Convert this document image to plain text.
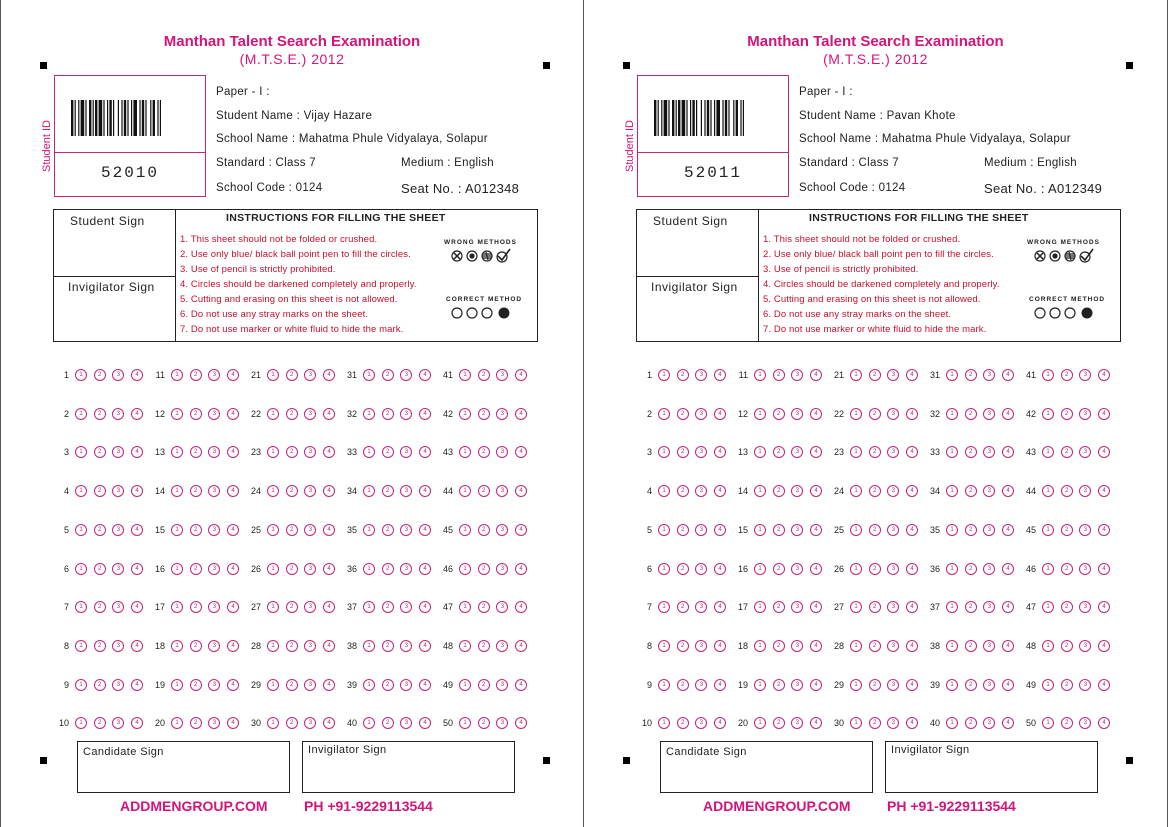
Manthan Talent Search Examination
(M.T.S.E.) 2012
Student ID
52010
Paper - I :
Student Name : Vijay Hazare
School Name : Mahatma Phule Vidyalaya, Solapur
Standard : Class 7	Medium : English
School Code : 0124	Seat No. : A012348
Student Sign
Invigilator Sign
INSTRUCTIONS FOR FILLING THE SHEET
1. This sheet should not be folded or crushed.
2. Use only blue/ black ball point pen to fill the circles.
3. Use of pencil is strictly prohibited.
4. Circles should be darkened completely and properly.
5. Cutting and erasing on this sheet is not allowed.
6. Do not use any stray marks on the sheet.
7. Do not use marker or white fluid to hide the mark.
WRONG METHODS
CORRECT METHOD
1	1	2	3	4
2	1	2	3	4
3	1	2	3	4
4	1	2	3	4
5	1	2	3	4
6	1	2	3	4
7	1	2	3	4
8	1	2	3	4
9	1	2	3	4
10	1	2	3	4
11	1	2	3	4
12	1	2	3	4
13	1	2	3	4
14	1	2	3	4
15	1	2	3	4
16	1	2	3	4
17	1	2	3	4
18	1	2	3	4
19	1	2	3	4
20	1	2	3	4
21	1	2	3	4
22	1	2	3	4
23	1	2	3	4
24	1	2	3	4
25	1	2	3	4
26	1	2	3	4
27	1	2	3	4
28	1	2	3	4
29	1	2	3	4
30	1	2	3	4
31	1	2	3	4
32	1	2	3	4
33	1	2	3	4
34	1	2	3	4
35	1	2	3	4
36	1	2	3	4
37	1	2	3	4
38	1	2	3	4
39	1	2	3	4
40	1	2	3	4
41	1	2	3	4
42	1	2	3	4
43	1	2	3	4
44	1	2	3	4
45	1	2	3	4
46	1	2	3	4
47	1	2	3	4
48	1	2	3	4
49	1	2	3	4
50	1	2	3	4
Candidate Sign	Invigilator Sign
ADDMENGROUP.COM	PH +91-9229113544
Manthan Talent Search Examination
(M.T.S.E.) 2012
Student ID
52011
Paper - I :
Student Name : Pavan Khote
School Name : Mahatma Phule Vidyalaya, Solapur
Standard : Class 7	Medium : English
School Code : 0124	Seat No. : A012349
Student Sign
Invigilator Sign
INSTRUCTIONS FOR FILLING THE SHEET
1. This sheet should not be folded or crushed.
2. Use only blue/ black ball point pen to fill the circles.
3. Use of pencil is strictly prohibited.
4. Circles should be darkened completely and properly.
5. Cutting and erasing on this sheet is not allowed.
6. Do not use any stray marks on the sheet.
7. Do not use marker or white fluid to hide the mark.
WRONG METHODS
CORRECT METHOD
1	1	2	3	4
2	1	2	3	4
3	1	2	3	4
4	1	2	3	4
5	1	2	3	4
6	1	2	3	4
7	1	2	3	4
8	1	2	3	4
9	1	2	3	4
10	1	2	3	4
11	1	2	3	4
12	1	2	3	4
13	1	2	3	4
14	1	2	3	4
15	1	2	3	4
16	1	2	3	4
17	1	2	3	4
18	1	2	3	4
19	1	2	3	4
20	1	2	3	4
21	1	2	3	4
22	1	2	3	4
23	1	2	3	4
24	1	2	3	4
25	1	2	3	4
26	1	2	3	4
27	1	2	3	4
28	1	2	3	4
29	1	2	3	4
30	1	2	3	4
31	1	2	3	4
32	1	2	3	4
33	1	2	3	4
34	1	2	3	4
35	1	2	3	4
36	1	2	3	4
37	1	2	3	4
38	1	2	3	4
39	1	2	3	4
40	1	2	3	4
41	1	2	3	4
42	1	2	3	4
43	1	2	3	4
44	1	2	3	4
45	1	2	3	4
46	1	2	3	4
47	1	2	3	4
48	1	2	3	4
49	1	2	3	4
50	1	2	3	4
Candidate Sign	Invigilator Sign
ADDMENGROUP.COM	PH +91-9229113544
